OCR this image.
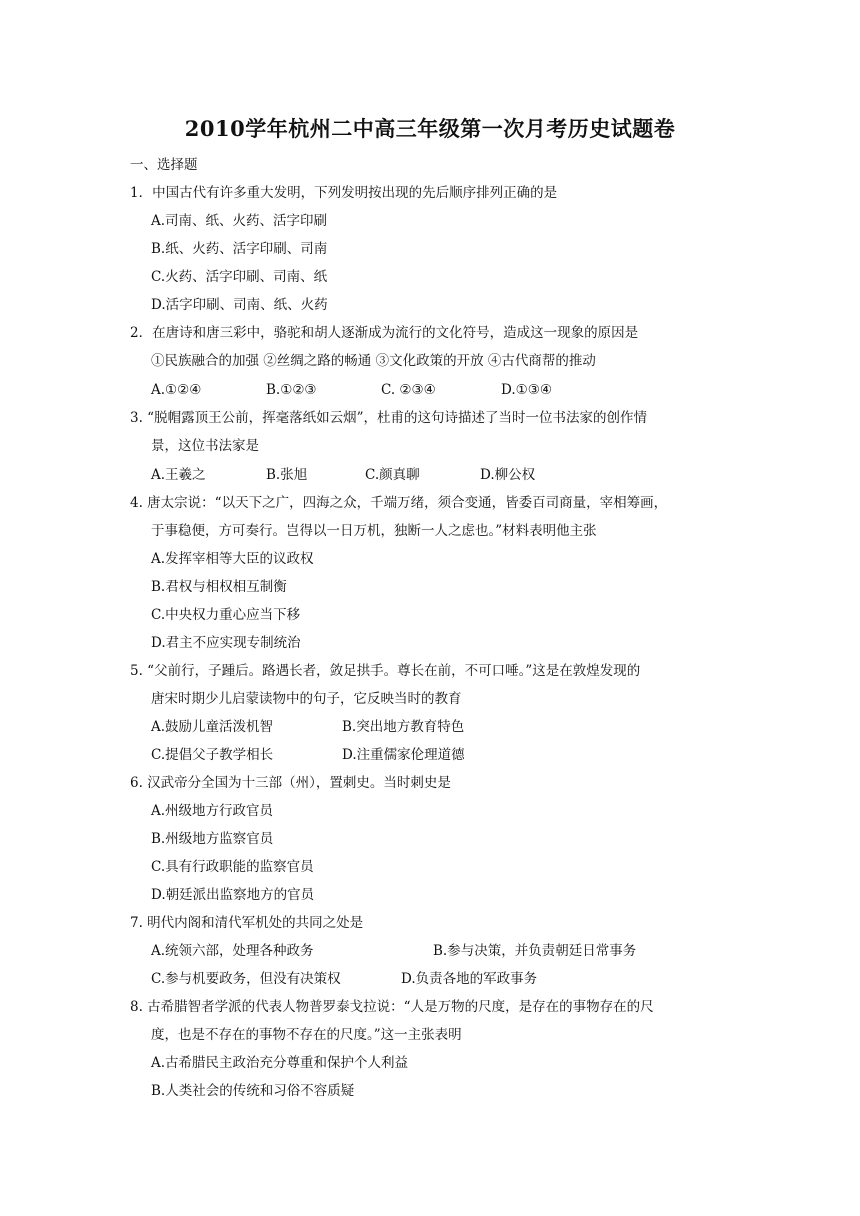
2010学年杭州二中高三年级第一次月考历史试题卷
一、选择题
1．中国古代有许多重大发明，下列发明按出现的先后顺序排列正确的是
A.司南、纸、火药、活字印刷
B.纸、火药、活字印刷、司南
C.火药、活字印刷、司南、纸
D.活字印刷、司南、纸、火药
2．在唐诗和唐三彩中，骆驼和胡人逐渐成为流行的文化符号，造成这一现象的原因是
①民族融合的加强 ②丝绸之路的畅通 ③文化政策的开放 ④古代商帮的推动
A.①②④	B.①②③	C. ②③④	D.①③④
3. “脱帽露顶王公前，挥毫落纸如云烟”，杜甫的这句诗描述了当时一位书法家的创作情
景，这位书法家是
A.王羲之	B.张旭	C.颜真聊	D.柳公权
4. 唐太宗说：“以天下之广，四海之众，千端万绪，须合变通，皆委百司商量，宰相筹画，
于事稳便，方可奏行。岂得以一日万机，独断一人之虑也。”材料表明他主张
A.发挥宰相等大臣的议政权
B.君权与相权相互制衡
C.中央权力重心应当下移
D.君主不应实现专制统治
5. “父前行，子踵后。路遇长者，敛足拱手。尊长在前，不可口唾。”这是在敦煌发现的
唐宋时期少儿启蒙读物中的句子，它反映当时的教育
A.鼓励儿童活泼机智	B.突出地方教育特色
C.提倡父子教学相长	D.注重儒家伦理道德
6. 汉武帝分全国为十三部（州），置刺史。当时刺史是
A.州级地方行政官员
B.州级地方监察官员
C.具有行政职能的监察官员
D.朝廷派出监察地方的官员
7. 明代内阁和清代军机处的共同之处是
A.统领六部，处理各种政务	B.参与决策，并负责朝廷日常事务
C.参与机要政务，但没有决策权	D.负责各地的军政事务
8. 古希腊智者学派的代表人物普罗泰戈拉说：“人是万物的尺度，是存在的事物存在的尺
度，也是不存在的事物不存在的尺度。”这一主张表明
A.古希腊民主政治充分尊重和保护个人利益
B.人类社会的传统和习俗不容质疑
